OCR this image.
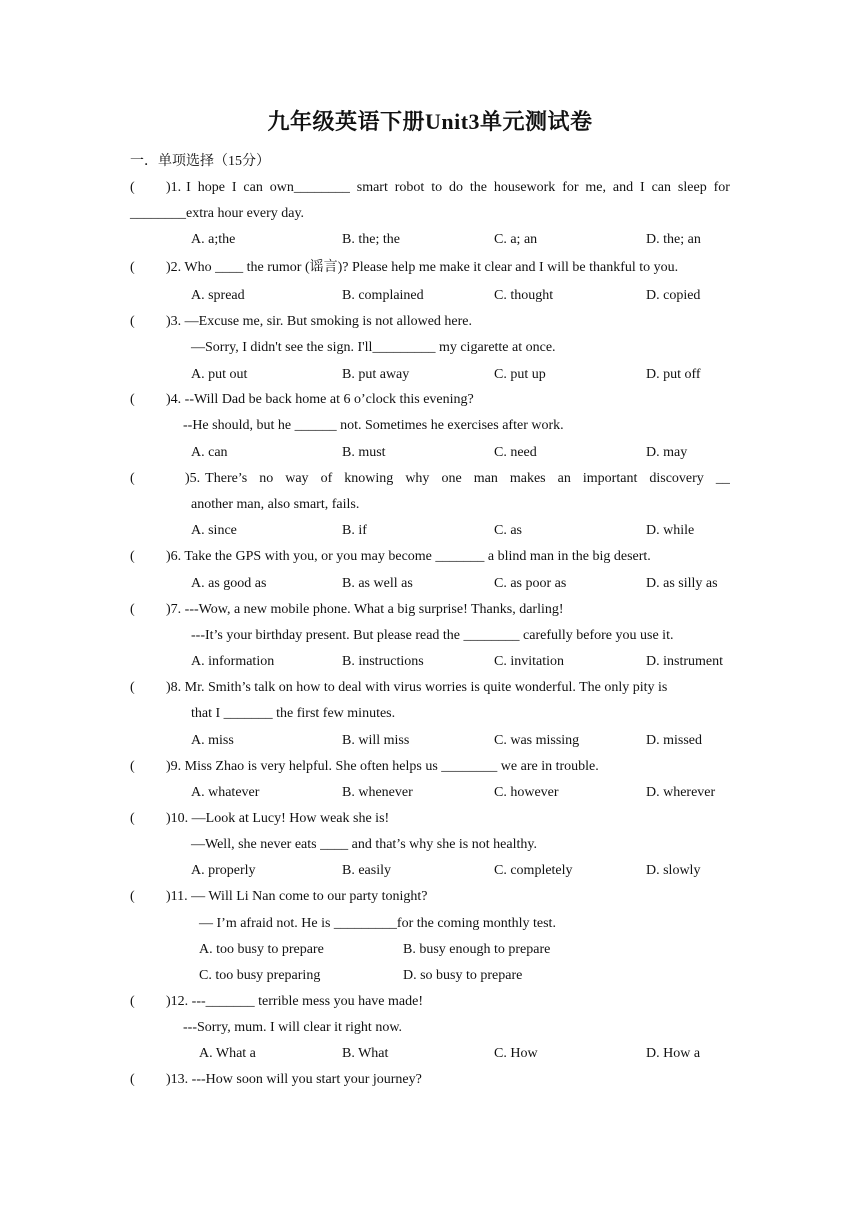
九年级英语下册Unit3单元测试卷
一．单项选择（15分）
(	)1. I hope I can own________ smart robot to do the housework for me, and I can sleep for
________extra hour every day.
A. a;the	B. the; the	C. a; an	D. the; an
( )2. Who ____ the rumor (谣言)? Please help me make it clear and I will be thankful to you.
A. spread	B. complained	C. thought	D. copied
( )3. ―Excuse me, sir. But smoking is not allowed here.
―Sorry, I didn't see the sign. I'll_________ my cigarette at once.
A. put out	B. put away	C. put up	D. put off
( )4. --Will Dad be back home at 6 o’clock this evening?
--He should, but he ______ not. Sometimes he exercises after work.
A. can	B. must	C. need	D. may
(	)5. There’s no way of knowing why one man makes an important discovery __
another man, also smart, fails.
A. since	B. if	C. as	D. while
( )6. Take the GPS with you, or you may become _______ a blind man in the big desert.
A. as good as	B. as well as	C. as poor as	D. as silly as
( )7. ---Wow, a new mobile phone. What a big surprise! Thanks, darling!
---It’s your birthday present. But please read the ________ carefully before you use it.
A. information	B. instructions	C. invitation	D. instrument
( )8. Mr. Smith’s talk on how to deal with virus worries is quite wonderful. The only pity is
that I _______ the first few minutes.
A. miss	B. will miss	C. was missing	D. missed
( )9. Miss Zhao is very helpful. She often helps us ________ we are in trouble.
A. whatever	B. whenever	C. however	D. wherever
( )10. —Look at Lucy! How weak she is!
—Well, she never eats ____ and that’s why she is not healthy.
A. properly	B. easily	C. completely	D. slowly
( )11. — Will Li Nan come to our party tonight?
— I’m afraid not. He is _________for the coming monthly test.
A. too busy to prepare	B. busy enough to prepare
C. too busy preparing	D. so busy to prepare
( )12. ---_______ terrible mess you have made!
---Sorry, mum. I will clear it right now.
A. What a	B. What	C. How	D. How a
( )13. ---How soon will you start your journey?
